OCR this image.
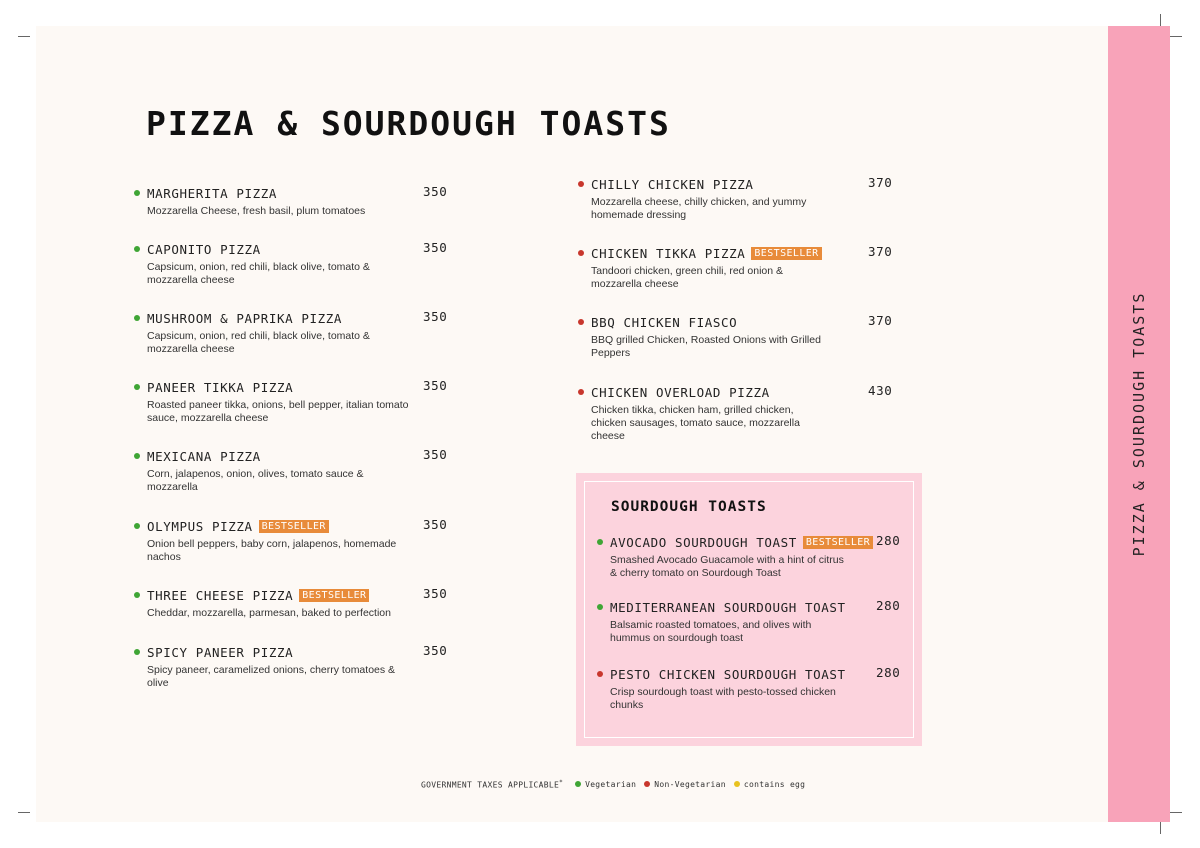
PIZZA & SOURDOUGH TOASTS
PIZZA & SOURDOUGH TOASTS
MARGHERITA PIZZA	350
Mozzarella Cheese, fresh basil, plum tomatoes
CAPONITO PIZZA	350
Capsicum, onion, red chili, black olive, tomato & mozzarella cheese
MUSHROOM & PAPRIKA PIZZA	350
Capsicum, onion, red chili, black olive, tomato & mozzarella cheese
PANEER TIKKA PIZZA	350
Roasted paneer tikka, onions, bell pepper, italian tomato sauce, mozzarella cheese
MEXICANA PIZZA	350
Corn, jalapenos, onion, olives, tomato sauce & mozzarella
OLYMPUS PIZZA BESTSELLER	350
Onion bell peppers, baby corn, jalapenos, homemade nachos
THREE CHEESE PIZZA BESTSELLER	350
Cheddar, mozzarella, parmesan, baked to perfection
SPICY PANEER PIZZA	350
Spicy paneer, caramelized onions, cherry tomatoes & olive
CHILLY CHICKEN PIZZA	370
Mozzarella cheese, chilly chicken, and yummy homemade dressing
CHICKEN TIKKA PIZZA BESTSELLER	370
Tandoori chicken, green chili, red onion & mozzarella cheese
BBQ CHICKEN FIASCO	370
BBQ grilled Chicken, Roasted Onions with Grilled Peppers
CHICKEN OVERLOAD PIZZA	430
Chicken tikka, chicken ham, grilled chicken, chicken sausages, tomato sauce, mozzarella cheese
SOURDOUGH TOASTS
AVOCADO SOURDOUGH TOAST BESTSELLER 280
Smashed Avocado Guacamole with a hint of citrus & cherry tomato on Sourdough Toast
MEDITERRANEAN SOURDOUGH TOAST 280
Balsamic roasted tomatoes, and olives with hummus on sourdough toast
PESTO CHICKEN SOURDOUGH TOAST 280
Crisp sourdough toast with pesto-tossed chicken chunks
GOVERNMENT TAXES APPLICABLE*	Vegetarian Non-Vegetarian contains egg
